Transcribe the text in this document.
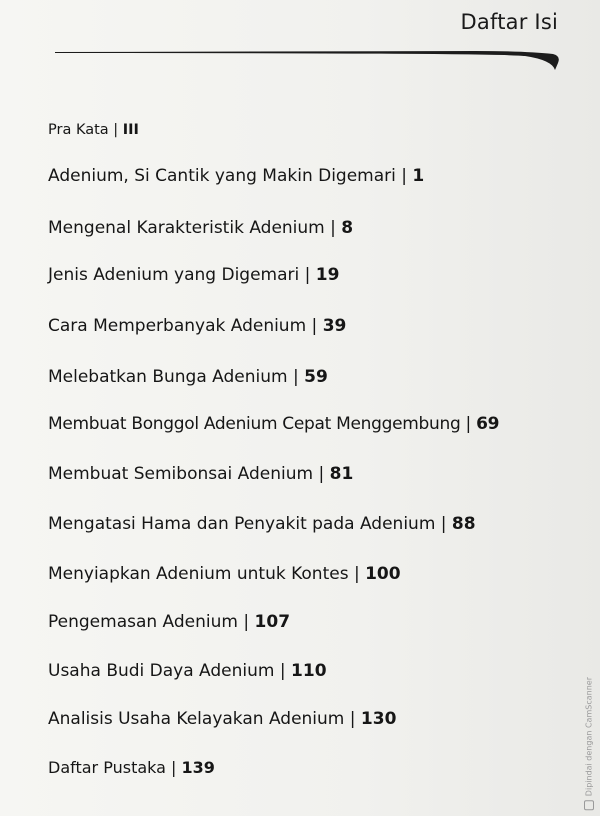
Daftar Isi
Pra Kata | III
Adenium, Si Cantik yang Makin Digemari | 1
Mengenal Karakteristik Adenium | 8
Jenis Adenium yang Digemari | 19
Cara Memperbanyak Adenium | 39
Melebatkan Bunga Adenium | 59
Membuat Bonggol Adenium Cepat Menggembung | 69
Membuat Semibonsai Adenium | 81
Mengatasi Hama dan Penyakit pada Adenium | 88
Menyiapkan Adenium untuk Kontes | 100
Pengemasan Adenium | 107
Usaha Budi Daya Adenium | 110
Analisis Usaha Kelayakan Adenium | 130
Daftar Pustaka | 139	Dipindai dengan CamScanner
